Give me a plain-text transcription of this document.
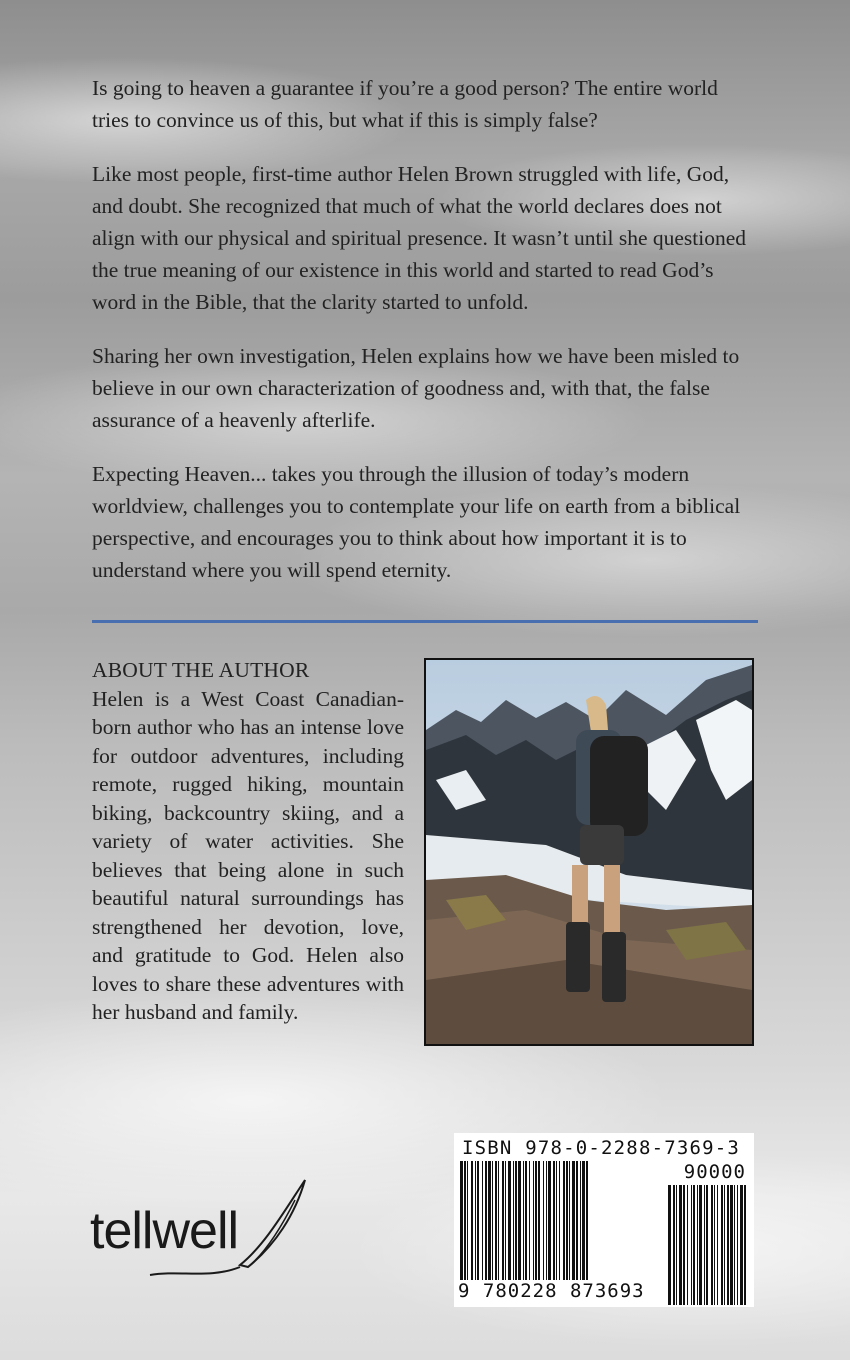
Is going to heaven a guarantee if you’re a good person? The entire world tries to convince us of this, but what if this is simply false?

Like most people, first-time author Helen Brown struggled with life, God, and doubt. She recognized that much of what the world declares does not align with our physical and spiritual presence. It wasn’t until she questioned the true meaning of our existence in this world and started to read God’s word in the Bible, that the clarity started to unfold.

Sharing her own investigation, Helen explains how we have been misled to believe in our own characterization of goodness and, with that, the false assurance of a heavenly afterlife.

Expecting Heaven... takes you through the illusion of today’s modern worldview, challenges you to contemplate your life on earth from a biblical perspective, and encourages you to think about how important it is to understand where you will spend eternity.

ABOUT THE AUTHOR

Helen is a West Coast Canadian-born author who has an intense love for outdoor adventures, including remote, rugged hiking, mountain biking, backcountry skiing, and a variety of water activities. She believes that being alone in such beautiful natural surroundings has strengthened her devotion, love, and gratitude to God. Helen also loves to share these adventures with her husband and family.

ISBN 978-0-2288-7369-3
90000
9 780228 873693
tellwell
